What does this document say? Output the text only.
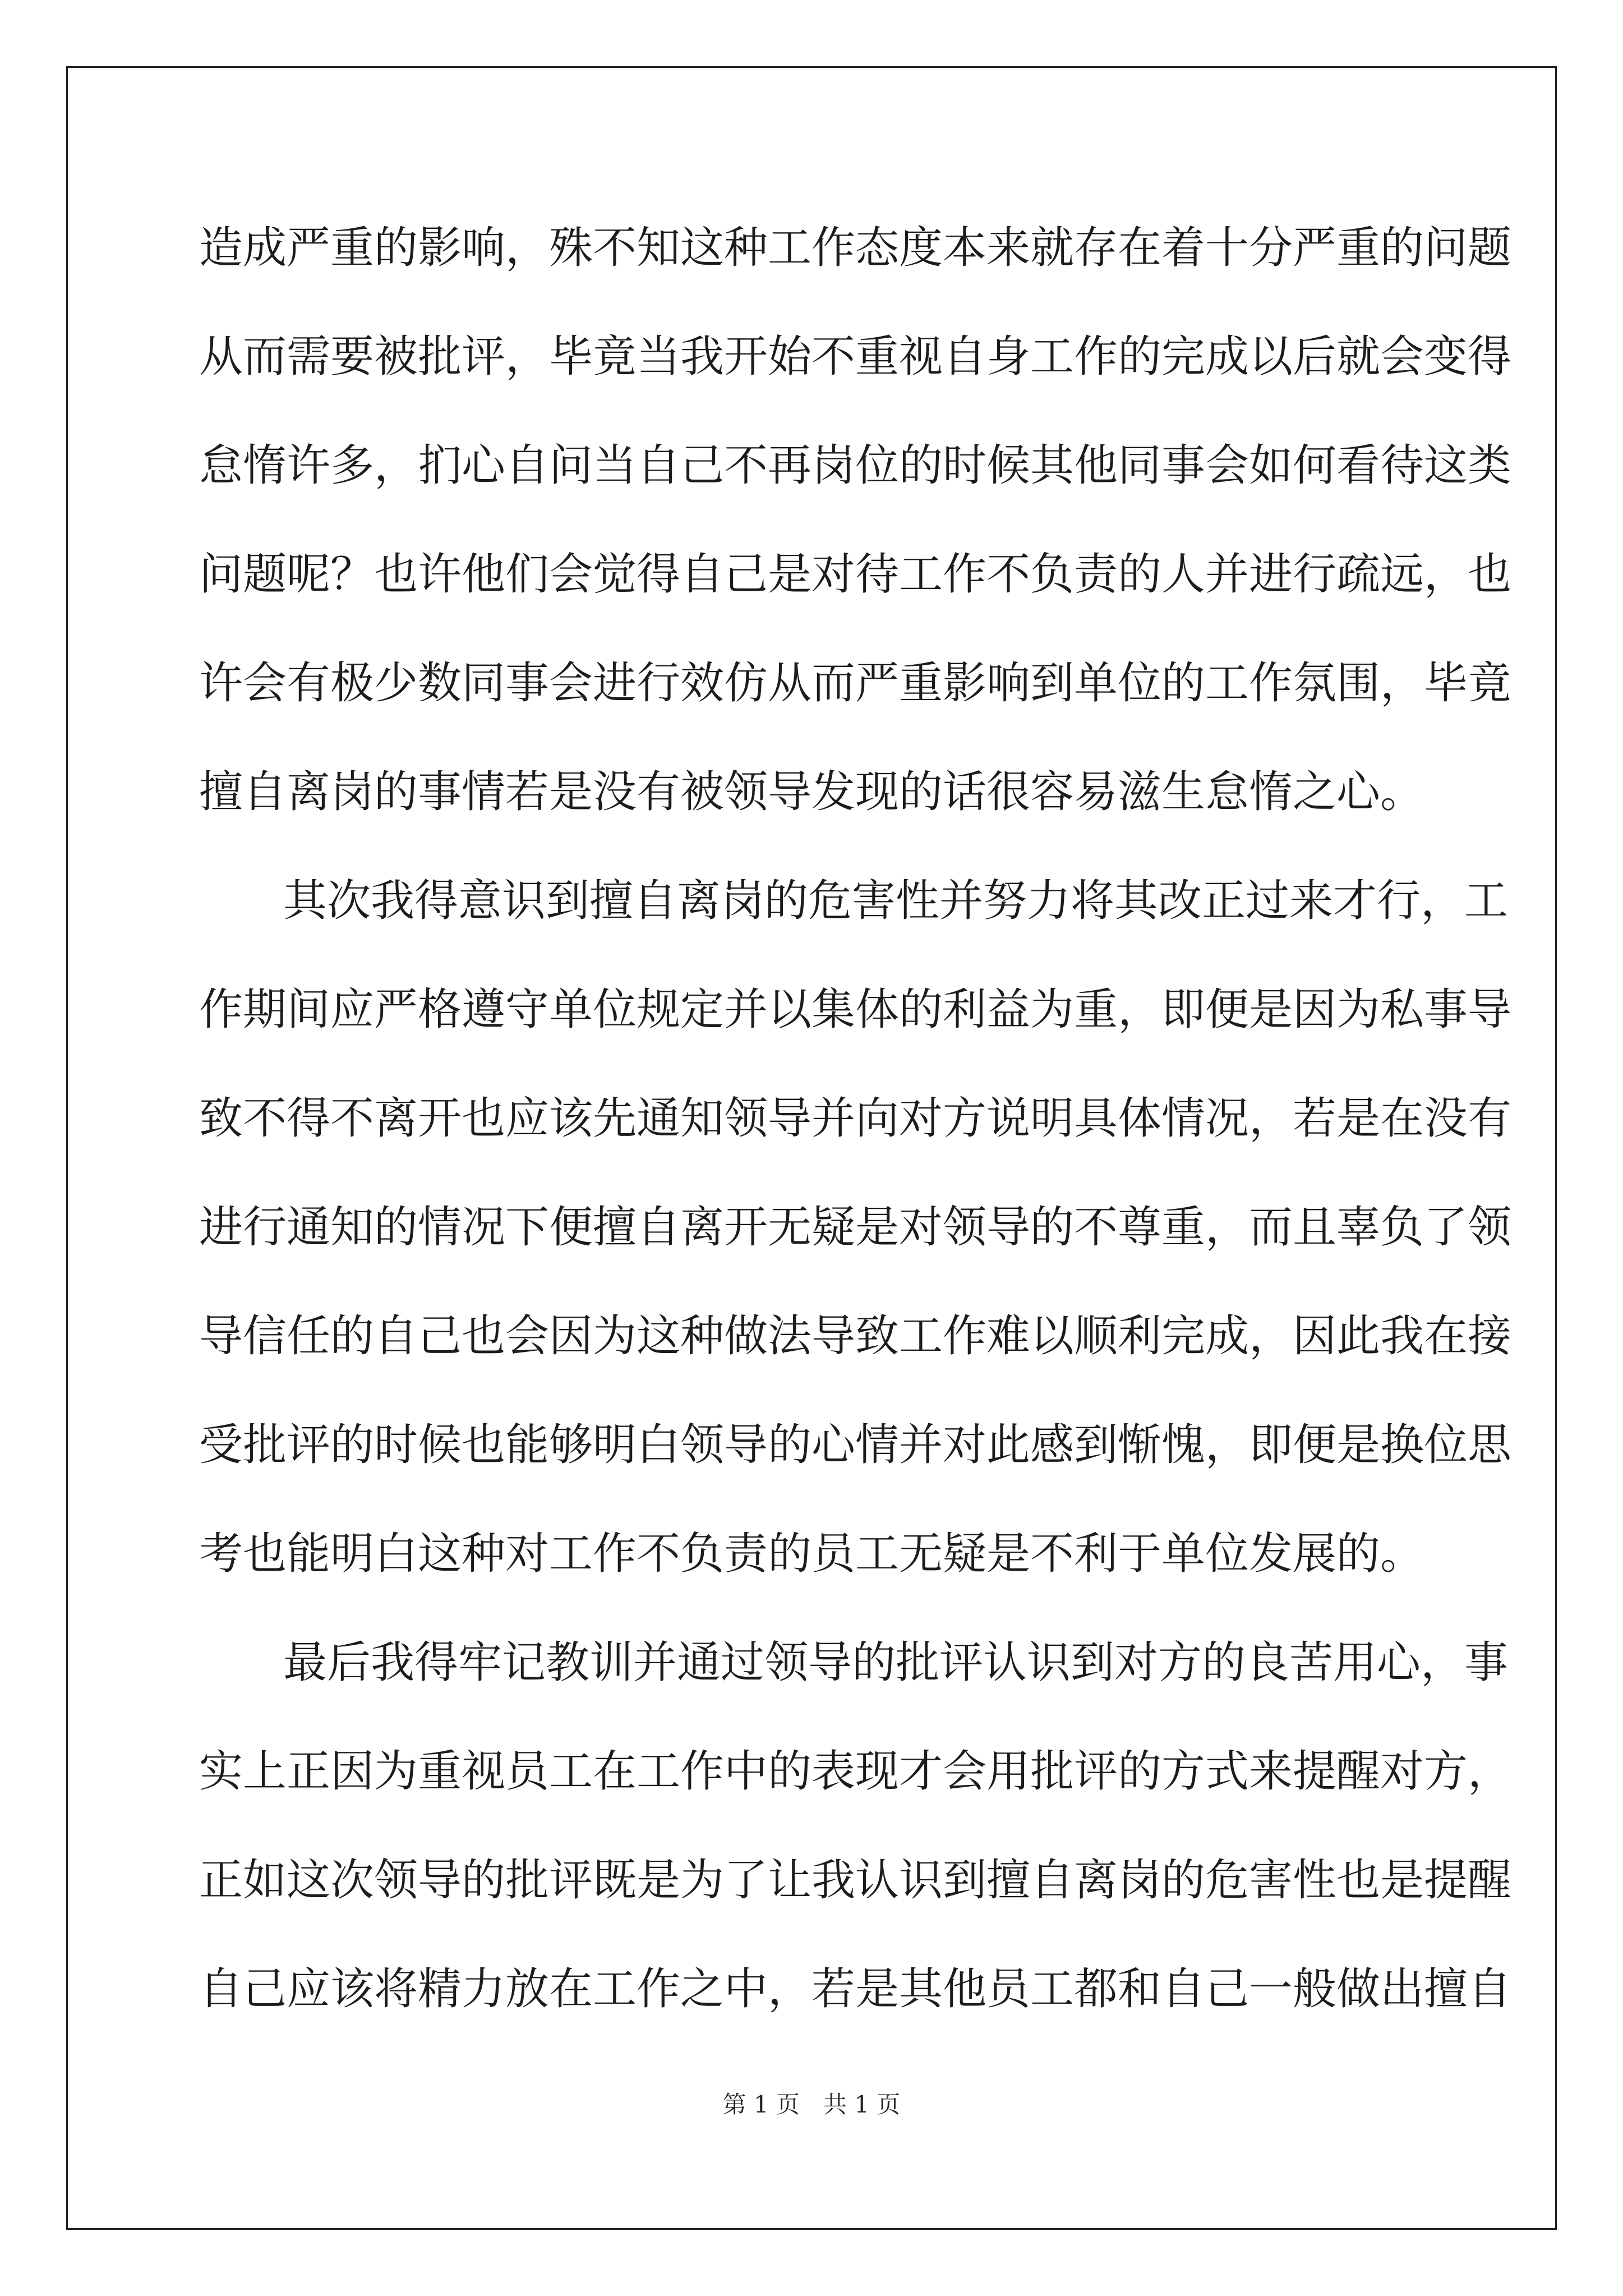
造成严重的影响，殊不知这种工作态度本来就存在着十分严重的问题
从而需要被批评，毕竟当我开始不重视自身工作的完成以后就会变得
怠惰许多，扪心自问当自己不再岗位的时候其他同事会如何看待这类
问题呢？也许他们会觉得自己是对待工作不负责的人并进行疏远，也
许会有极少数同事会进行效仿从而严重影响到单位的工作氛围，毕竟
擅自离岗的事情若是没有被领导发现的话很容易滋生怠惰之心。
其次我得意识到擅自离岗的危害性并努力将其改正过来才行，工
作期间应严格遵守单位规定并以集体的利益为重，即便是因为私事导
致不得不离开也应该先通知领导并向对方说明具体情况，若是在没有
进行通知的情况下便擅自离开无疑是对领导的不尊重，而且辜负了领
导信任的自己也会因为这种做法导致工作难以顺利完成，因此我在接
受批评的时候也能够明白领导的心情并对此感到惭愧，即便是换位思
考也能明白这种对工作不负责的员工无疑是不利于单位发展的。
最后我得牢记教训并通过领导的批评认识到对方的良苦用心，事
实上正因为重视员工在工作中的表现才会用批评的方式来提醒对方，
正如这次领导的批评既是为了让我认识到擅自离岗的危害性也是提醒
自己应该将精力放在工作之中，若是其他员工都和自己一般做出擅自
第 1 页　共 1 页
